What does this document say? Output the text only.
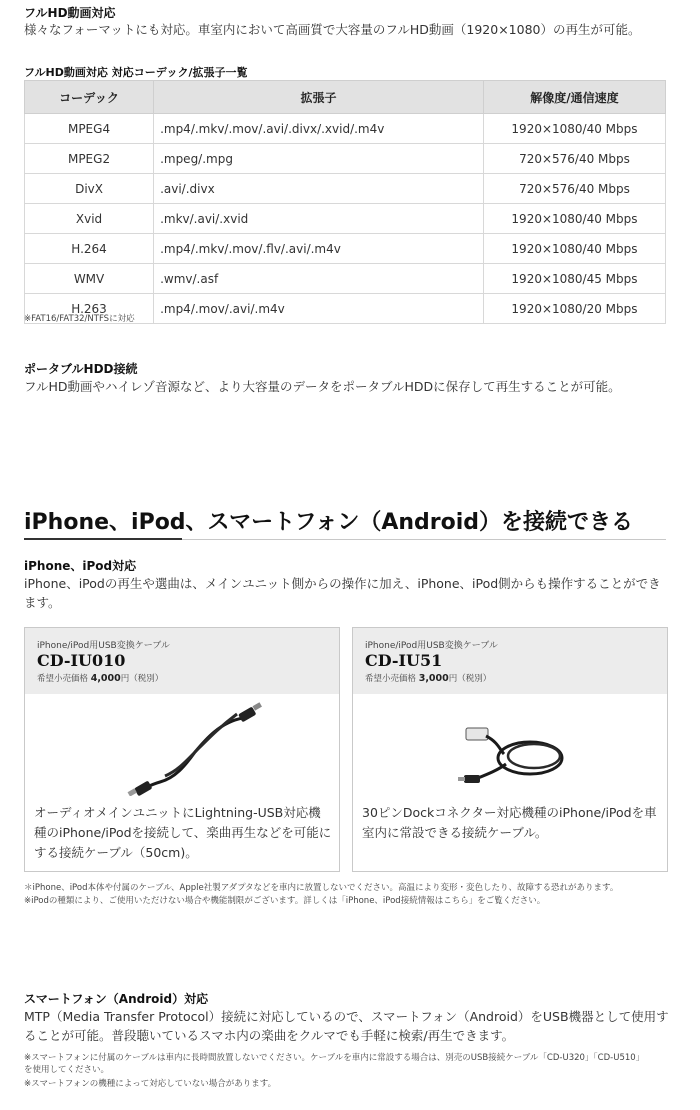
フルHD動画対応
様々なフォーマットにも対応。車室内において高画質で大容量のフルHD動画（1920×1080）の再生が可能。
フルHD動画対応 対応コーデック/拡張子一覧
コーデック	拡張子	解像度/通信速度
MPEG4	.mp4/.mkv/.mov/.avi/.divx/.xvid/.m4v	1920×1080/40 Mbps
MPEG2	.mpeg/.mpg	720×576/40 Mbps
DivX	.avi/.divx	720×576/40 Mbps
Xvid	.mkv/.avi/.xvid	1920×1080/40 Mbps
H.264	.mp4/.mkv/.mov/.flv/.avi/.m4v	1920×1080/40 Mbps
WMV	.wmv/.asf	1920×1080/45 Mbps
H.263	.mp4/.mov/.avi/.m4v	1920×1080/20 Mbps
※FAT16/FAT32/NTFSに対応
ポータブルHDD接続
フルHD動画やハイレゾ音源など、より大容量のデータをポータブルHDDに保存して再生することが可能。
iPhone、iPod、スマートフォン（Android）を接続できる
iPhone、iPod対応
iPhone、iPodの再生や選曲は、メインユニット側からの操作に加え、iPhone、iPod側からも操作することができます。
iPhone/iPod用USB変換ケーブル
CD-IU010
希望小売価格 4,000円（税別）
オーディオメインユニットにLightning-USB対応機種のiPhone/iPodを接続して、楽曲再生などを可能にする接続ケーブル（50cm)。
iPhone/iPod用USB変換ケーブル
CD-IU51
希望小売価格 3,000円（税別）
30ピンDockコネクター対応機種のiPhone/iPodを車室内に常設できる接続ケーブル。
＊iPhone、iPod本体や付属のケーブル、Apple社製アダプタなどを車内に放置しないでください。高温により変形・変色したり、故障する恐れがあります。
※iPodの種類により、ご使用いただけない場合や機能制限がございます。詳しくは「iPhone、iPod接続情報はこちら」をご覧ください。
スマートフォン（Android）対応
MTP（Media Transfer Protocol）接続に対応しているので、スマートフォン（Android）をUSB機器として使用することが可能。普段聴いているスマホ内の楽曲をクルマでも手軽に検索/再生できます。
※スマートフォンに付属のケーブルは車内に長時間放置しないでください。ケーブルを車内に常設する場合は、別売のUSB接続ケーブル「CD-U320」「CD-U510」を使用してください。
※スマートフォンの機種によって対応していない場合があります。
